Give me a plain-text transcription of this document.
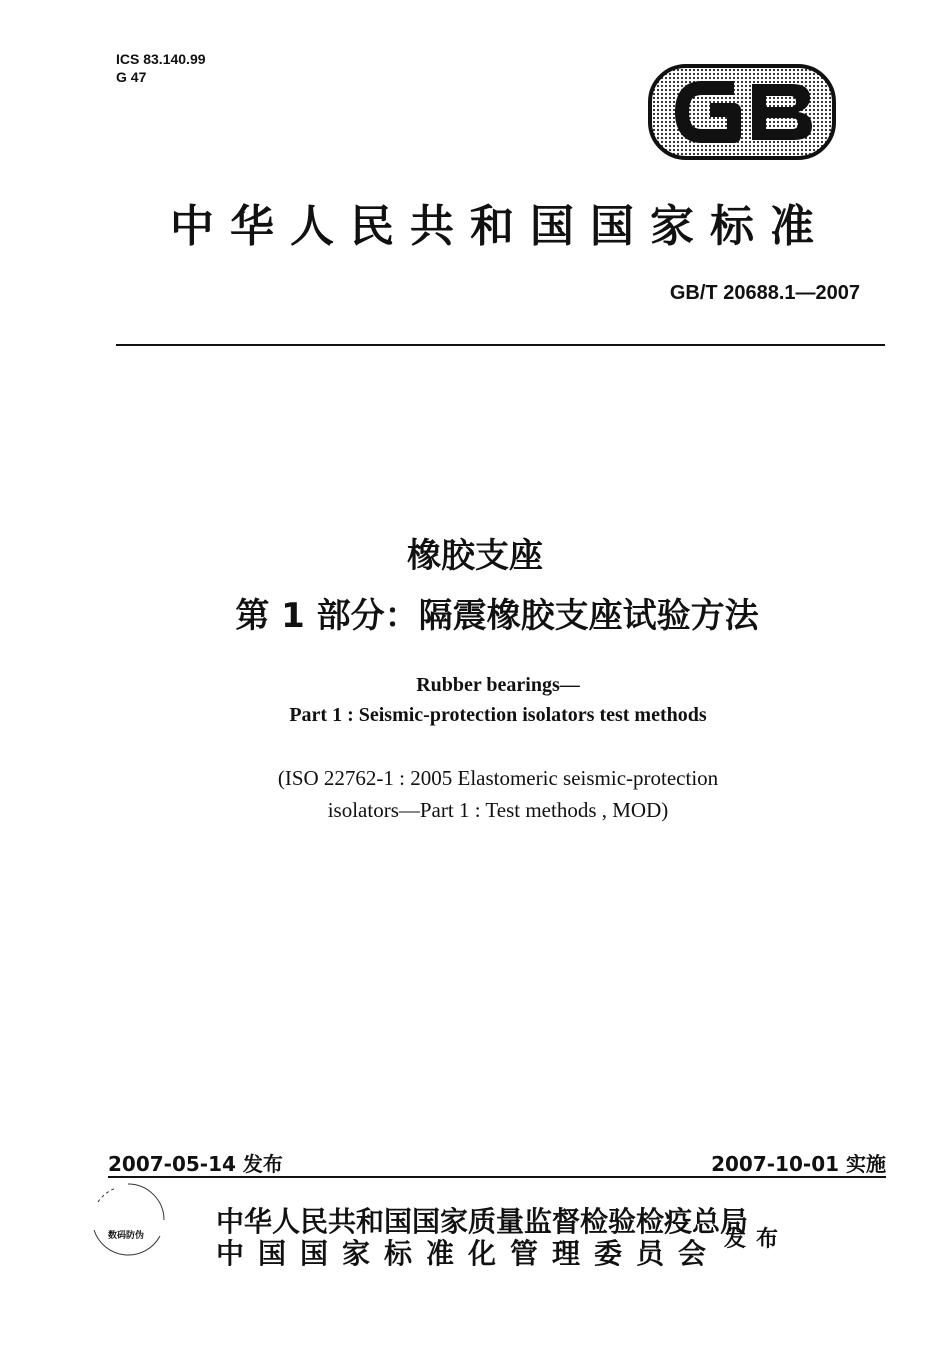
ICS 83.140.99
G 47
中华人民共和国国家标准
GB/T 20688.1—2007
橡胶支座
第 1 部分：隔震橡胶支座试验方法
Rubber bearings—
Part 1 : Seismic-protection isolators test methods
(ISO 22762-1 : 2005 Elastomeric seismic-protection
isolators—Part 1 : Test methods , MOD)
2007-05-14 发布	2007-10-01 实施
数码防伪	中华人民共和国国家质量监督检验检疫总局
中国国家标准化管理委员会 发布
